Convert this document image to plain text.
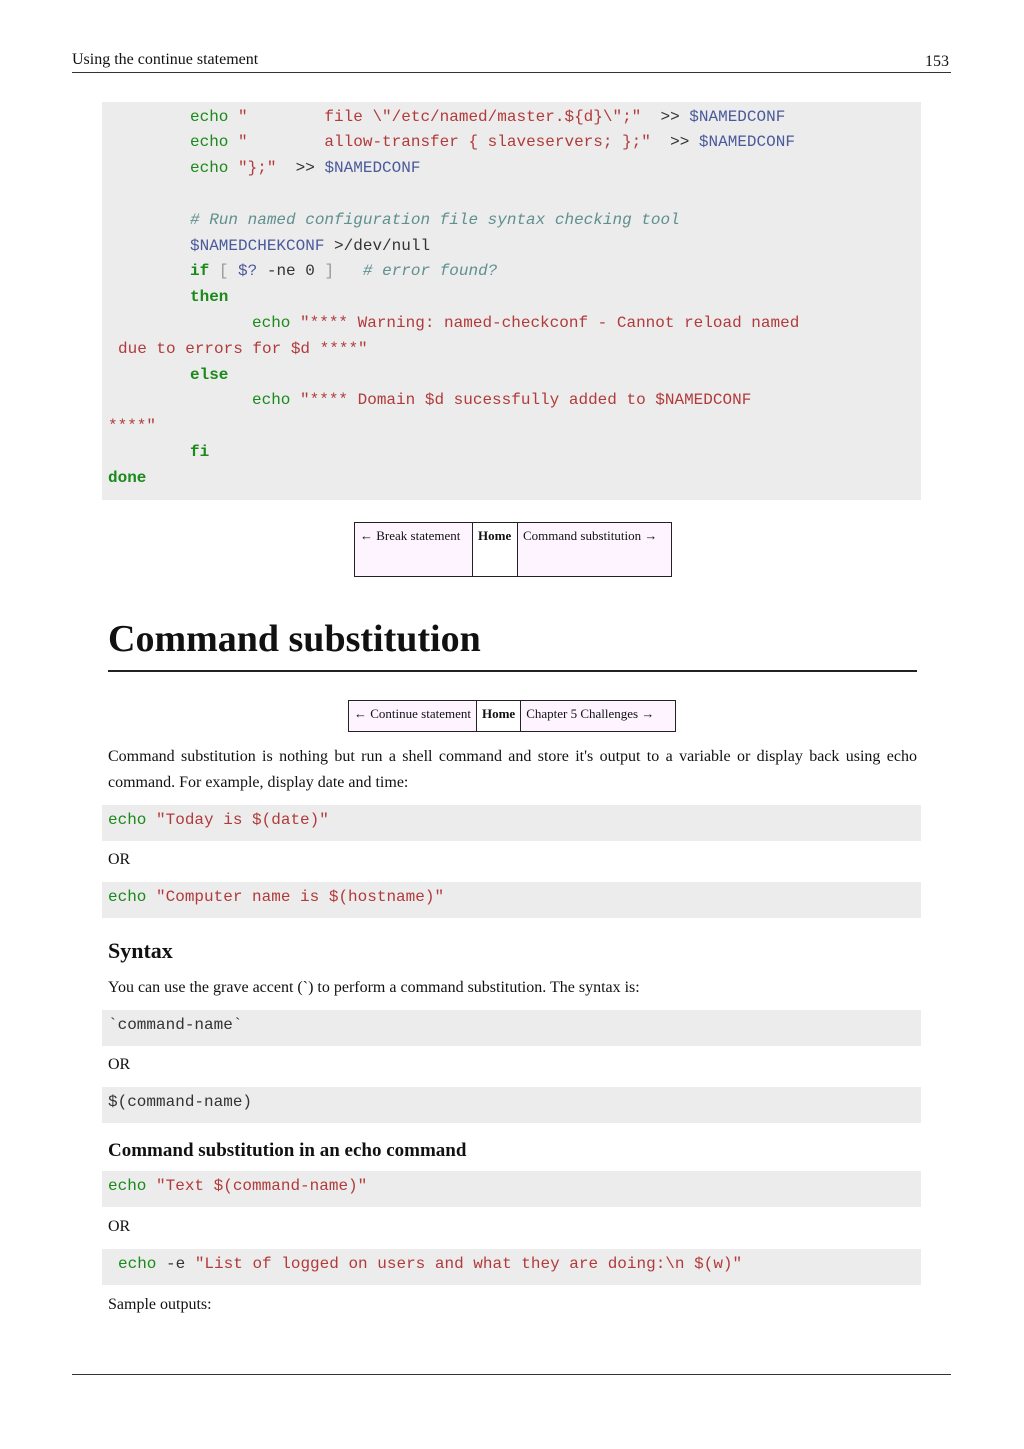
Using the continue statement	153

echo "        file \"/etc/named/master.${d}\";" >> $NAMEDCONF

echo "        allow-transfer { slaveservers; };" >> $NAMEDCONF

echo "};" >> $NAMEDCONF

# Run named configuration file syntax checking tool

$NAMEDCHEKCONF >/dev/null

if [ $? -ne 0 ] # error found?

then

echo "**** Warning: named-checkconf - Cannot reload named

due to errors for $d ****"

else

echo "**** Domain $d sucessfully added to $NAMEDCONF

****"

fi

done

← Break statement	Home Command substitution →
Command substitution
← Continue statement Home Chapter 5 Challenges →
Command substitution is nothing but run a shell command and store it's output to a variable or display back using echo command. For example, display date and time:

echo "Today is $(date)"

OR

echo "Computer name is $(hostname)"

Syntax
You can use the grave accent (`) to perform a command substitution. The syntax is:

`command-name`

OR

$(command-name)

Command substitution in an echo command

echo "Text $(command-name)"

OR

echo -e "List of logged on users and what they are doing:\n $(w)"

Sample outputs:
